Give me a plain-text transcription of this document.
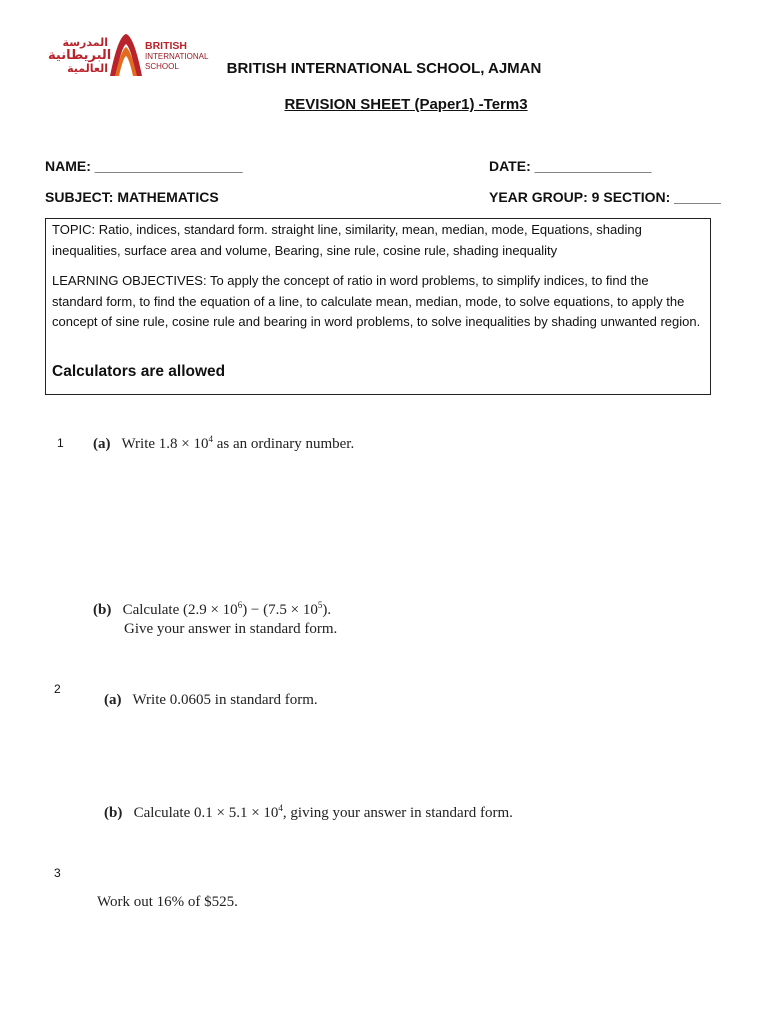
المدرسة
البريطانية
العالمية
BRITISH
INTERNATIONAL
SCHOOL	BRITISH INTERNATIONAL SCHOOL, AJMAN
REVISION SHEET (Paper1) -Term3
NAME: ___________________	DATE: _______________
SUBJECT: MATHEMATICS	YEAR GROUP: 9 SECTION: ______
TOPIC: Ratio, indices, standard form. straight line, similarity, mean, median, mode, Equations, shading inequalities, surface area and volume, Bearing, sine rule, cosine rule, shading inequality
LEARNING OBJECTIVES: To apply the concept of ratio in word problems, to simplify indices, to find the standard form, to find the equation of a line, to calculate mean, median, mode, to solve equations, to apply the concept of sine rule, cosine rule and bearing in word problems, to solve inequalities by shading unwanted region.
Calculators are allowed
1 (a) Write $1.8 \times 10^4$ as an ordinary number.
(b) Calculate $(2.9 \times 10^6) - (7.5 \times 10^5)$.
Give your answer in standard form.
2
(a) Write 0.0605 in standard form.
(b) Calculate $0.1 \times 5.1 \times 10^4$, giving your answer in standard form.
3
Work out 16% of $525.
